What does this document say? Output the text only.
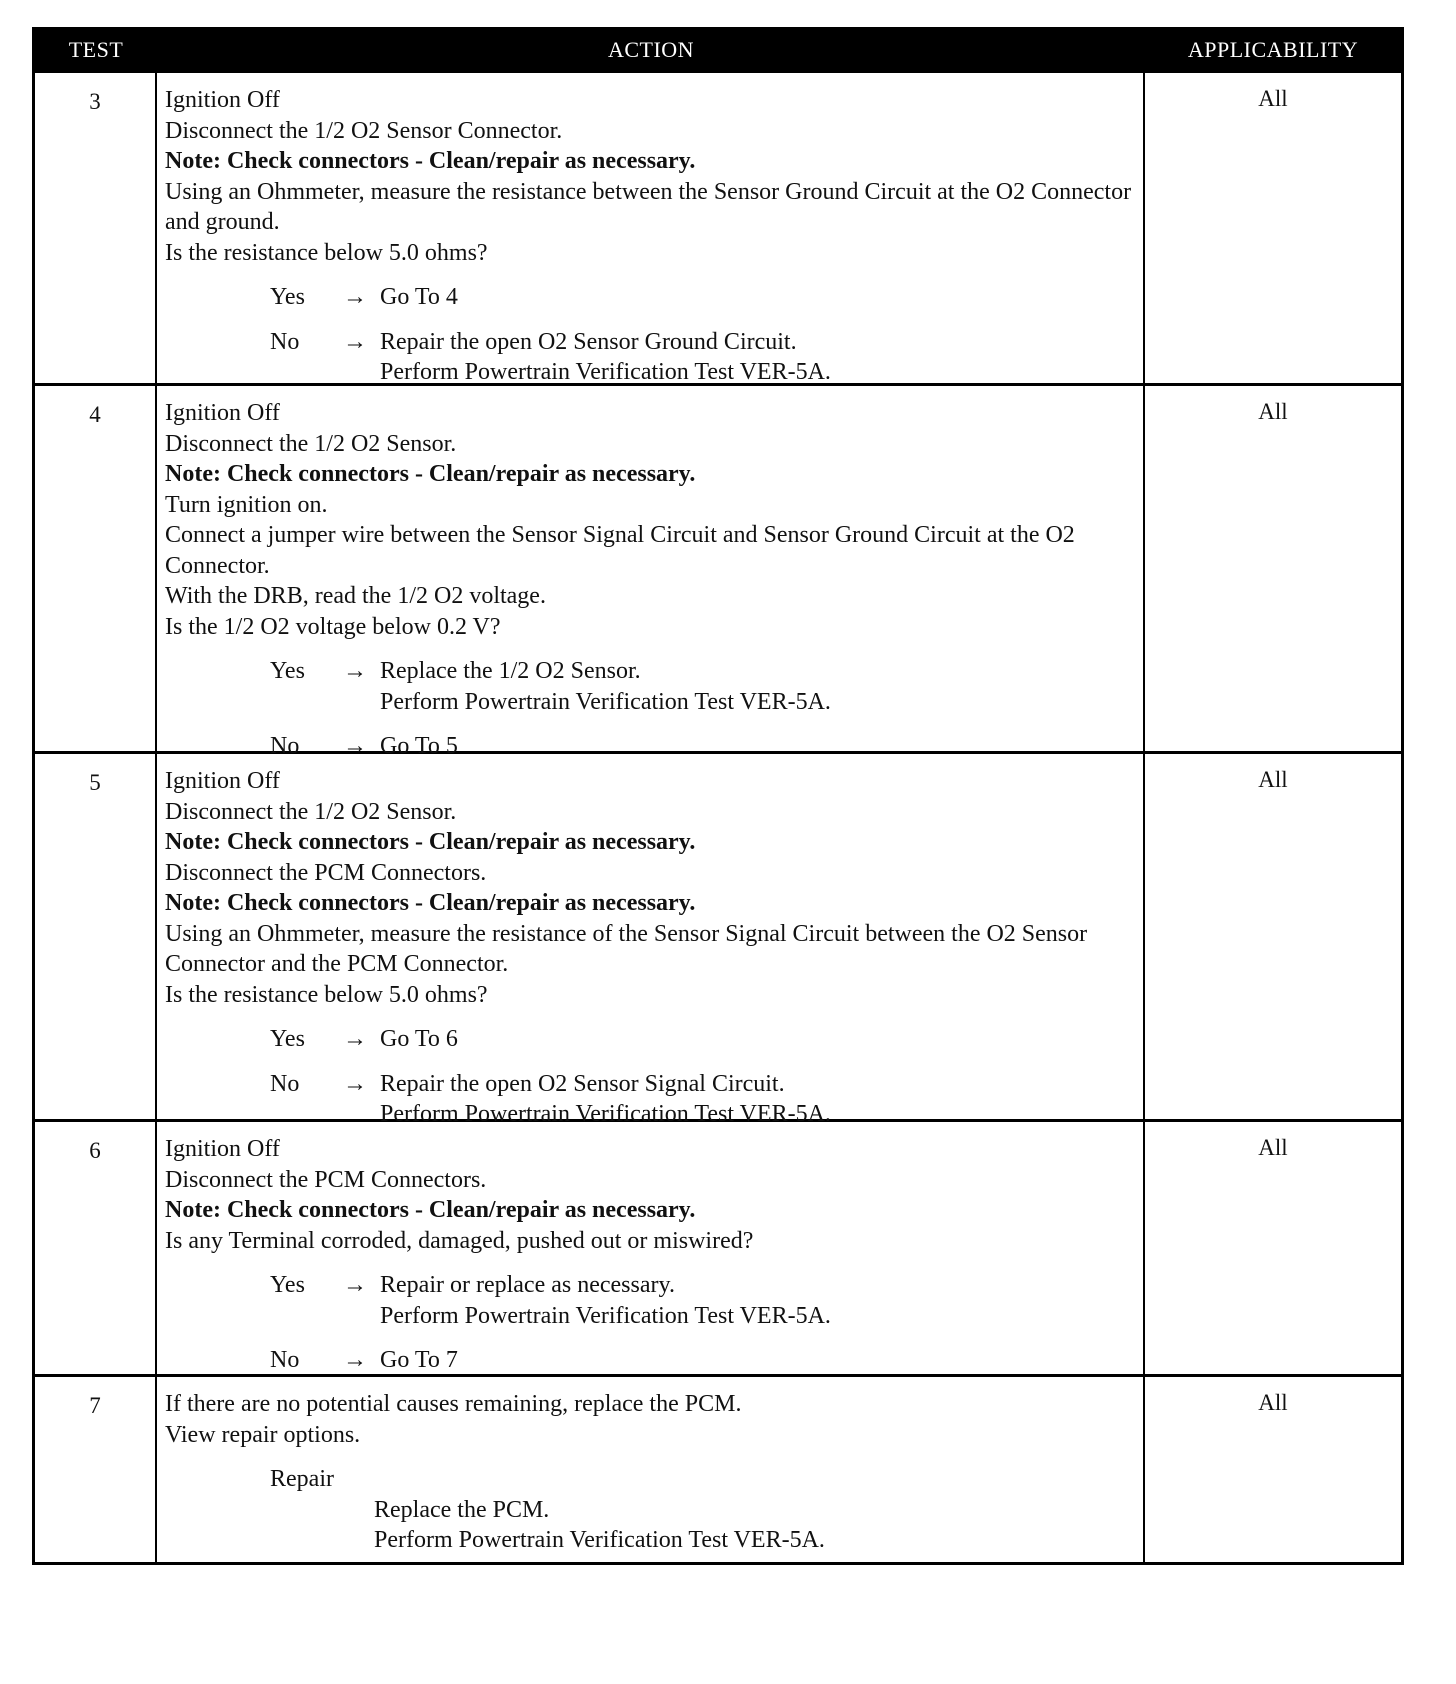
TEST	ACTION	APPLICABILITY
3	Ignition Off
Disconnect the 1/2 O2 Sensor Connector.
Note: Check connectors - Clean/repair as necessary.
Using an Ohmmeter, measure the resistance between the Sensor Ground Circuit at the O2 Connector and ground.
Is the resistance below 5.0 ohms?
Yes	→ Go To 4
No	→ Repair the open O2 Sensor Ground Circuit.
Perform Powertrain Verification Test VER-5A.
All
4	Ignition Off
Disconnect the 1/2 O2 Sensor.
Note: Check connectors - Clean/repair as necessary.
Turn ignition on.
Connect a jumper wire between the Sensor Signal Circuit and Sensor Ground Circuit at the O2 Connector.
With the DRB, read the 1/2 O2 voltage.
Is the 1/2 O2 voltage below 0.2 V?
Yes	→ Replace the 1/2 O2 Sensor.
Perform Powertrain Verification Test VER-5A.
No	→ Go To 5
All
5	Ignition Off
Disconnect the 1/2 O2 Sensor.
Note: Check connectors - Clean/repair as necessary.
Disconnect the PCM Connectors.
Note: Check connectors - Clean/repair as necessary.
Using an Ohmmeter, measure the resistance of the Sensor Signal Circuit between the O2 Sensor Connector and the PCM Connector.
Is the resistance below 5.0 ohms?
Yes	→ Go To 6
No	→ Repair the open O2 Sensor Signal Circuit.
Perform Powertrain Verification Test VER-5A.
All
6	Ignition Off
Disconnect the PCM Connectors.
Note: Check connectors - Clean/repair as necessary.
Is any Terminal corroded, damaged, pushed out or miswired?
Yes	→ Repair or replace as necessary.
Perform Powertrain Verification Test VER-5A.
No	→ Go To 7
All
7	If there are no potential causes remaining, replace the PCM.
View repair options.
Repair
Replace the PCM.
Perform Powertrain Verification Test VER-5A.
All
